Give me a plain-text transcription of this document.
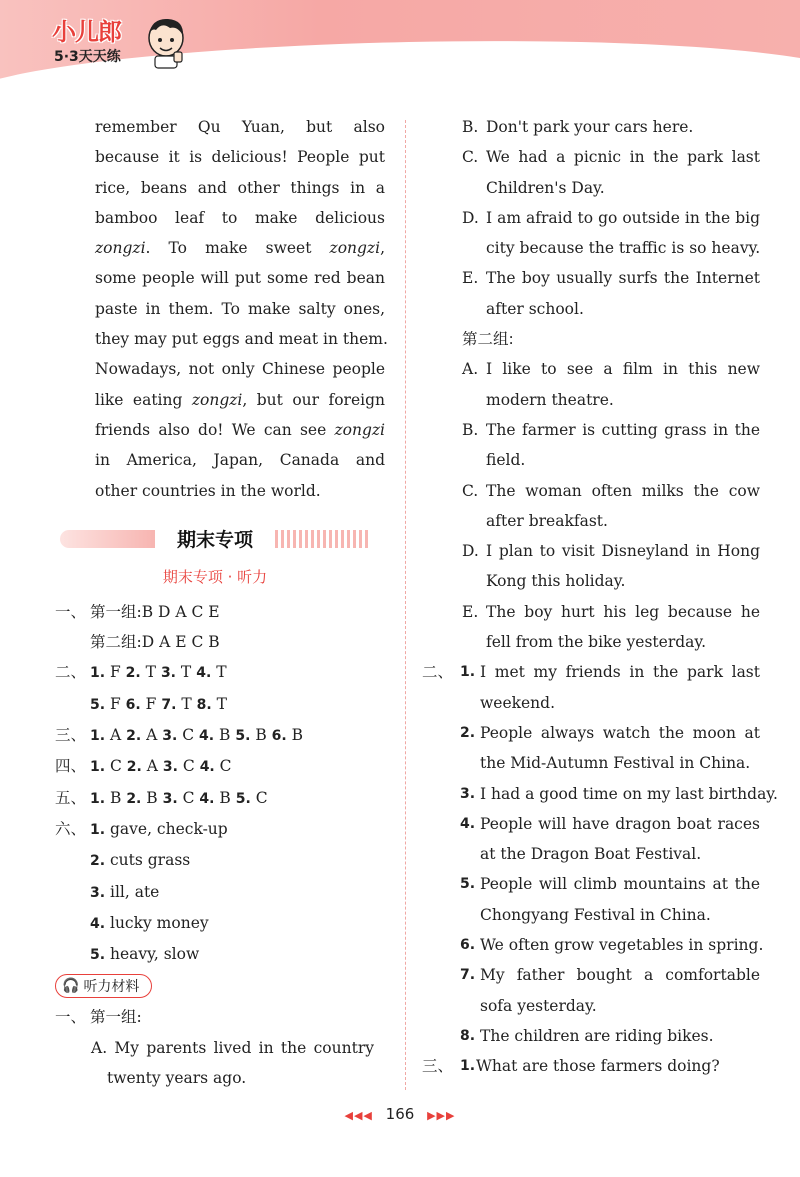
小儿郎
5·3天天练

remember Qu Yuan, but also

because it is delicious! People put

rice, beans and other things in a

bamboo leaf to make delicious

zongzi. To make sweet zongzi,

some people will put some red bean

paste in them. To make salty ones,

they may put eggs and meat in them.

Nowadays, not only Chinese people

like eating zongzi, but our foreign

friends also do! We can see zongzi

in America, Japan, Canada and

other countries in the world.

期末专项
期末专项 · 听力
一、 第一组:B D A C E
第二组:D A E C B
二、 1. F 2. T 3. T 4. T
5. F 6. F 7. T 8. T
三、 1. A 2. A 3. C 4. B 5. B 6. B
四、 1. C 2. A 3. C 4. C
五、 1. B 2. B 3. C 4. B 5. C
六、 1. gave, check-up
2. cuts grass
3. ill, ate
4. lucky money
5. heavy, slow
🎧 听力材料
一、 第一组:
A. My parents lived in the country
twenty years ago.
B. Don't park your cars here.
C. We had a picnic in the park last
Children's Day.
D. I am afraid to go outside in the big
city because the traffic is so heavy.
E. The boy usually surfs the Internet
after school.
第二组:
A. I like to see a film in this new
modern theatre.
B. The farmer is cutting grass in the
field.
C. The woman often milks the cow
after breakfast.
D. I plan to visit Disneyland in Hong
Kong this holiday.
E. The boy hurt his leg because he
fell from the bike yesterday.
二、 1. I met my friends in the park last
weekend.
2. People always watch the moon at
the Mid-Autumn Festival in China.
3. I had a good time on my last birthday.
4. People will have dragon boat races
at the Dragon Boat Festival.
5. People will climb mountains at the
Chongyang Festival in China.
6. We often grow vegetables in spring.
7. My father bought a comfortable
sofa yesterday.
8. The children are riding bikes.
三、 1. What are those farmers doing?
◀◀◀ 166 ▶▶▶
